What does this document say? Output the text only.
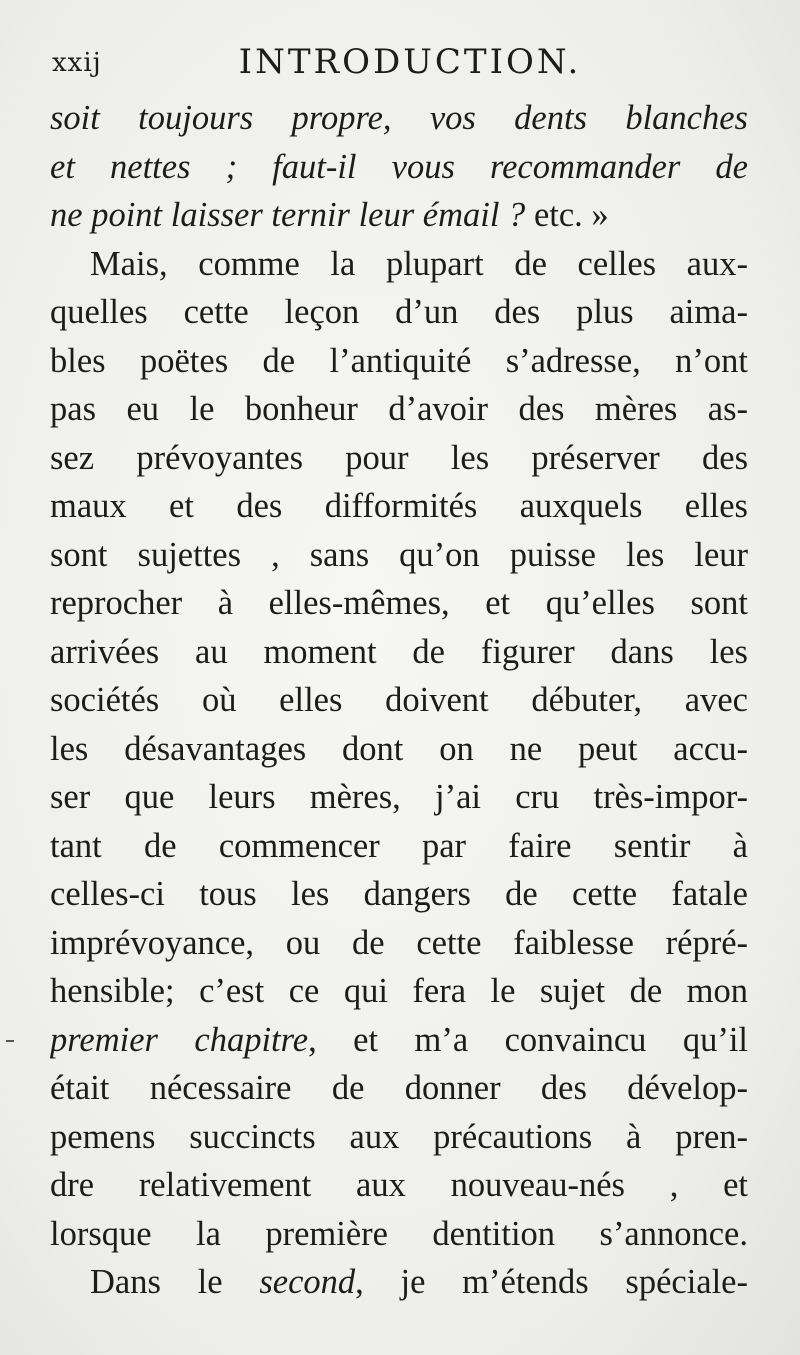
xxij	INTRODUCTION.
soit toujours propre, vos dents blanches
et nettes ; faut-il vous recommander de
ne point laisser ternir leur émail ? etc. »
Mais, comme la plupart de celles aux-
quelles cette leçon d’un des plus aima-
bles poëtes de l’antiquité s’adresse, n’ont
pas eu le bonheur d’avoir des mères as-
sez prévoyantes pour les préserver des
maux et des difformités auxquels elles
sont sujettes , sans qu’on puisse les leur
reprocher à elles-mêmes, et qu’elles sont
arrivées au moment de figurer dans les
sociétés où elles doivent débuter, avec
les désavantages dont on ne peut accu-
ser que leurs mères, j’ai cru très-impor-
tant de commencer par faire sentir à
celles-ci tous les dangers de cette fatale
imprévoyance, ou de cette faiblesse répré-
hensible; c’est ce qui fera le sujet de mon
premier chapitre, et m’a convaincu qu’il
était nécessaire de donner des dévelop-
pemens succincts aux précautions à pren-
dre relativement aux nouveau-nés , et
lorsque la première dentition s’annonce.
Dans le second, je m’étends spéciale-
